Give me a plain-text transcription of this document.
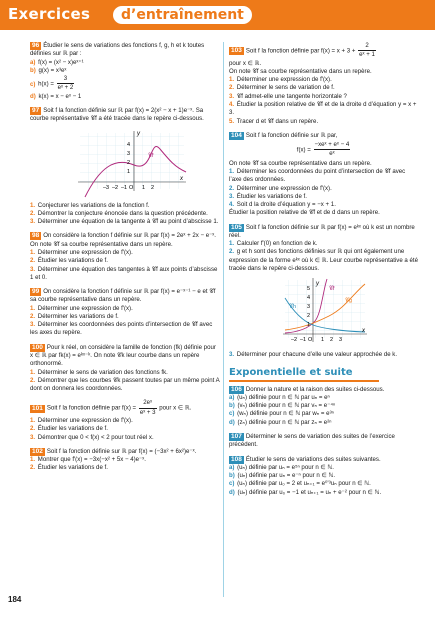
Exercices	d’entraînement
96 Étudier le sens de variations des fonctions f, g, h et k toutes définies sur ℝ par :
a) f(x) = (x² − x)eˣ⁺¹
b) g(x) = x³eˣ
c) $h(x) = \frac{3}{\text{eˣ + 2}}$
d) k(x) = x − eˣ − 1
97 Soit f la fonction définie sur ℝ par f(x) = 2(x² − x + 1)e⁻ˣ. Sa courbe représentative 𝒞f a été tracée dans le repère ci-dessous.
y
x
𝒞f
4
3
2
1
–3 –2 –1 O 1 2
1. Conjecturer les variations de la fonction f.
2. Démontrer la conjecture énoncée dans la question précédente.
3. Déterminer une équation de la tangente à 𝒞f au point d’abscisse 1.
98 On considère la fonction f définie sur ℝ par f(x) = 2eˣ + 2x − e⁻ˣ. On note 𝒞f sa courbe représentative dans un repère.
1. Déterminer une expression de f′(x).
2. Étudier les variations de f.
3. Déterminer une équation des tangentes à 𝒞f aux points d’abscisse 1 et 0.
99 On considère la fonction f définie sur ℝ par f(x) = e⁻ˣ⁻¹ − e et 𝒞f sa courbe représentative dans un repère.
1. Déterminer une expression de f′(x).
2. Déterminer les variations de f.
3. Déterminer les coordonnées des points d’intersection de 𝒞f avec les axes du repère.
100 Pour k réel, on considère la famille de fonction (fk) définie pour x ∈ ℝ par fk(x) = eᵏˣ⁻ᵏ. On note 𝒞k leur courbe dans un repère orthonormé.
1. Déterminer le sens de variation des fonctions fk.
2. Démontrer que les courbes 𝒞k passent toutes par un même point A dont on donnera les coordonnées.
101 Soit f la fonction définie par $f(x) = \frac{\text{2eˣ}}{\text{eˣ + 3}}$ pour x ∈ ℝ.
1. Déterminer une expression de f′(x).
2. Étudier les variations de f.
3. Démontrer que 0 < f(x) < 2 pour tout réel x.
102 Soit f la fonction définie sur ℝ par f(x) = (−3x² + 6x²)e⁻ˣ.
1. Montrer que f′(x) = −3x(−x² + 5x − 4)e⁻ˣ.
2. Étudier les variations de f.
103 Soit f la fonction définie par $f(x) = x + 3 + \frac{2}{\text{eˣ + 1}}$
pour x ∈ ℝ.
On note 𝒞f sa courbe représentative dans un repère.
1. Déterminer une expression de f′(x).
2. Déterminer le sens de variation de f.
3. 𝒞f admet-elle une tangente horizontale ?
4. Étudier la position relative de 𝒞f et de la droite d d’équation y = x + 3.
5. Tracer d et 𝒞f dans un repère.
104 Soit f la fonction définie sur ℝ par,
$f(x) = \frac{\text{−xeˣ + eˣ − 4}}{\text{eˣ}}$
On note 𝒞f sa courbe représentative dans un repère.
1. Déterminer les coordonnées du point d’intersection de 𝒞f avec l’axe des ordonnées.
2. Déterminer une expression de f′(x).
3. Étudier les variations de f.
4. Soit d la droite d’équation y = −x + 1.
Étudier la position relative de 𝒞f et de d dans un repère.
105 Soit f la fonction définie sur ℝ par f(x) = eᵏˣ où k est un nombre réel.
1. Calculer f′(0) en fonction de k.
2. g et h sont des fonctions définies sur ℝ qui ont également une expression de la forme eᵏˣ où k ∈ ℝ. Leur courbe représentative a été tracée dans le repère ci-dessous.
y
x
𝒞f
𝒞g
𝒞h
5
4
3
2
1
–2 –1 O 1 2 3
3. Déterminer pour chacune d’elle une valeur approchée de k.
Exponentielle et suite
106 Donner la nature et la raison des suites ci-dessous.
a) (uₙ) définie pour n ∈ ℕ par uₙ = eⁿ
b) (vₙ) définie pour n ∈ ℕ par vₙ = e⁻⁴ⁿ
c) (wₙ) définie pour n ∈ ℕ par wₙ = e³ⁿ
d) (zₙ) définie pour n ∈ ℕ par zₙ = e²ⁿ
107 Déterminer le sens de variation des suites de l’exercice précédent.
108 Étudier le sens de variations des suites suivantes.
a) (uₙ) définie par uₙ = e⁵ⁿ pour n ∈ ℕ.
b) (uₙ) définie par uₙ = e⁻ⁿ pour n ∈ ℕ.
c) (uₙ) définie par u₀ = 2 et uₙ₊₁ = e⁰ʼ³uₙ pour n ∈ ℕ.
d) (uₙ) définie par u₀ = −1 et uₙ₊₁ = uₙ + e⁻² pour n ∈ ℕ.
184
